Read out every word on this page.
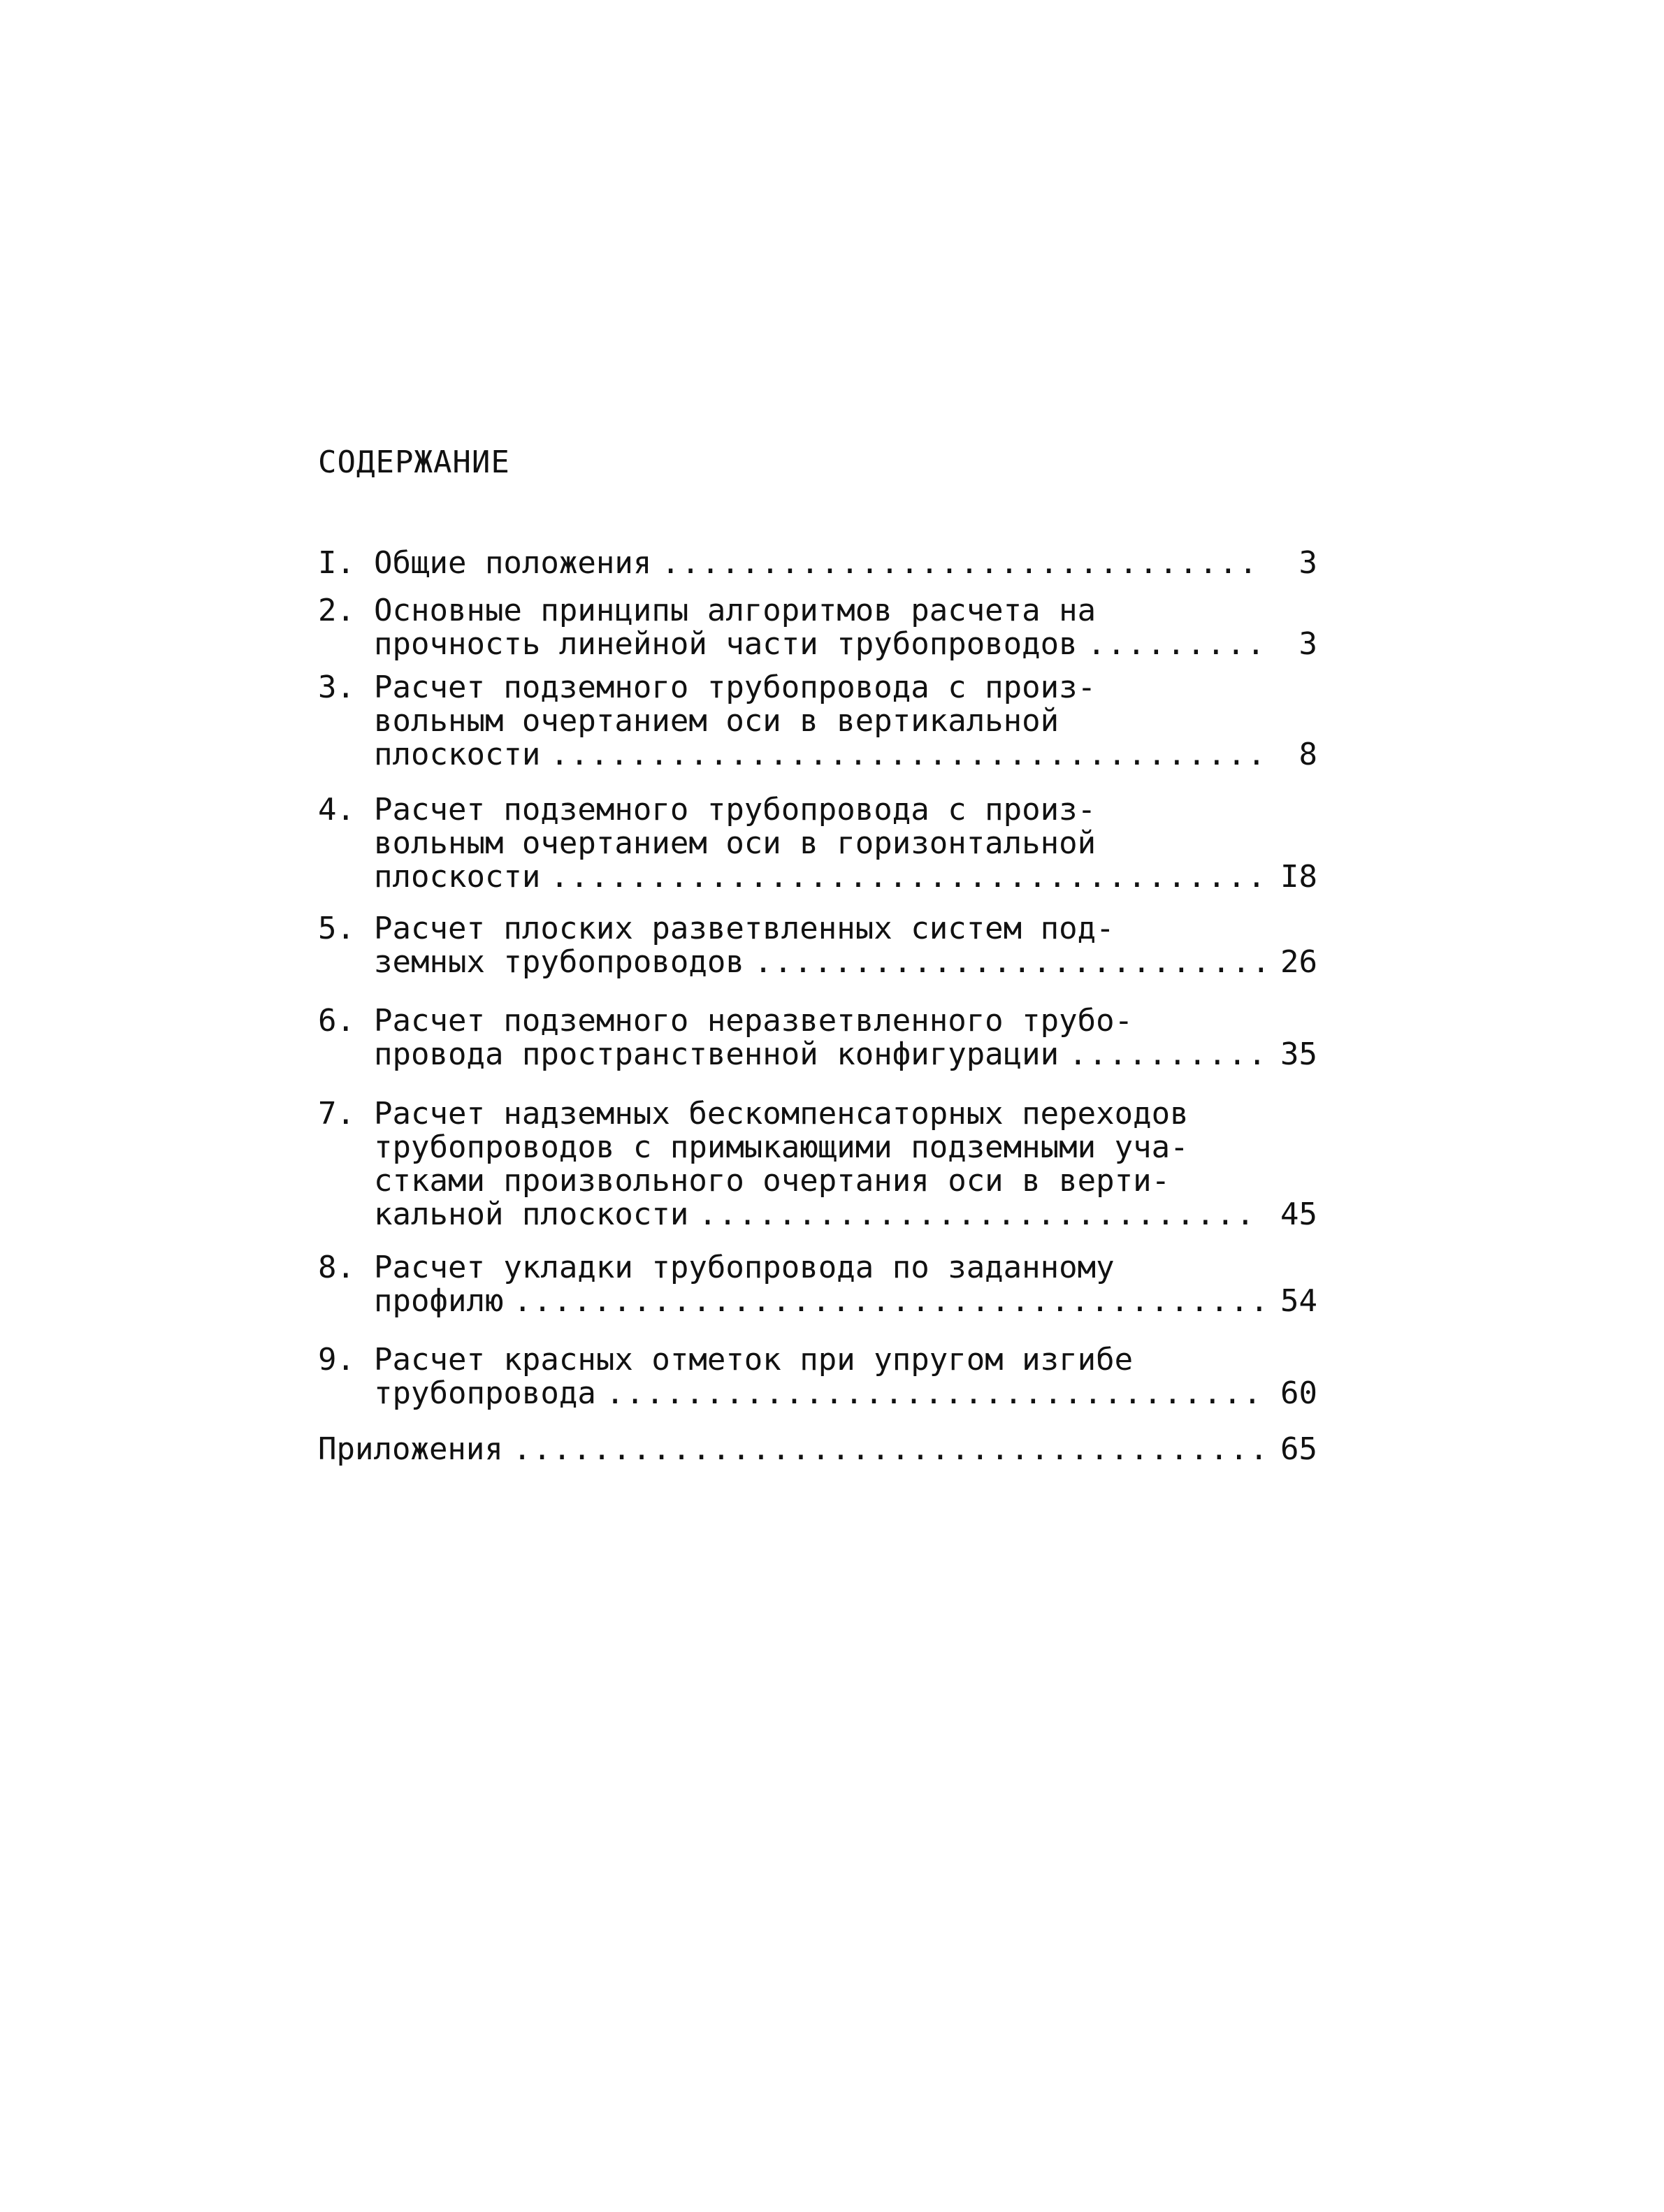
СОДЕРЖАНИЕ
I. Общие положения .....	3
2. Основные принципы алгоритмов расчета на
прочность линейной части трубопроводов .....	3
3. Расчет подземного трубопровода с произ-
вольным очертанием оси в вертикальной
плоскости .....	8
4. Расчет подземного трубопровода с произ-
вольным очертанием оси в горизонтальной
плоскости .....	I8
5. Расчет плоских разветвленных систем под-
земных трубопроводов .....	26
6. Расчет подземного неразветвленного трубо-
провода пространственной конфигурации .....	35
7. Расчет надземных бескомпенсаторных переходов
трубопроводов с примыкающими подземными уча-
стками произвольного очертания оси в верти-
кальной плоскости .....	45
8. Расчет укладки трубопровода по заданному
профилю .....	54
9. Расчет красных отметок при упругом изгибе
трубопровода .....	60
Приложения .....	65
